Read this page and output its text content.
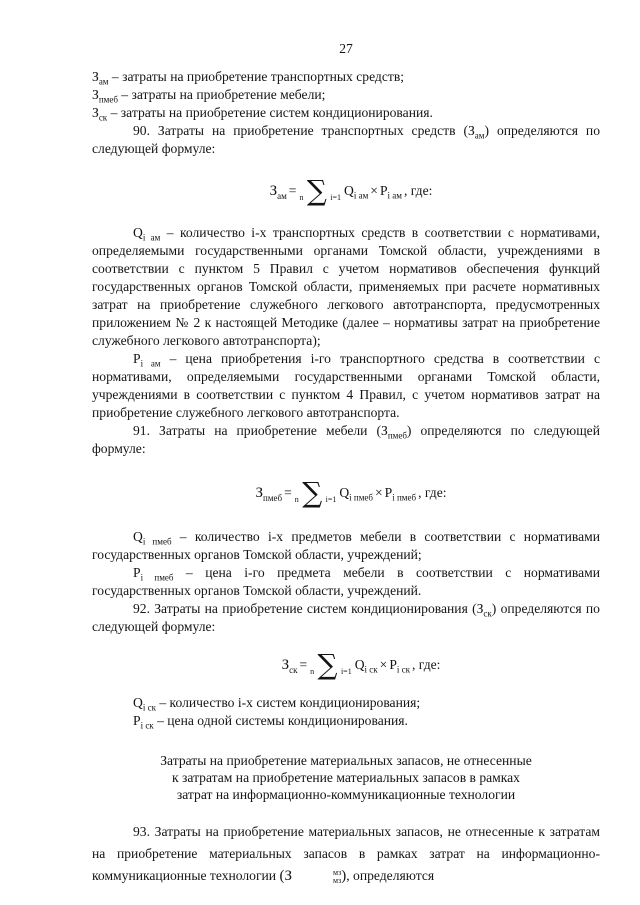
27

$З_{ам}$ – затраты на приобретение транспортных средств;

$З_{пмеб}$ – затраты на приобретение мебели;

$З_{ск}$ – затраты на приобретение систем кондиционирования.

90. Затраты на приобретение транспортных средств $(З_{ам})$ определяются по следующей формуле:

$З_{ам} = n$ ∑ i=1 $Q_{i ам} \times P_{i ам}$ , где:

$Q_{i ам}$ – количество i-х транспортных средств в соответствии с нормативами, определяемыми государственными органами Томской области, учреждениями в соответствии с пунктом 5 Правил с учетом нормативов обеспечения функций государственных органов Томской области, применяемых при расчете нормативных затрат на приобретение служебного легкового автотранспорта, предусмотренных приложением № 2 к настоящей Методике (далее – нормативы затрат на приобретение служебного легкового автотранспорта);

$P_{i ам}$ – цена приобретения i-го транспортного средства в соответствии с нормативами, определяемыми государственными органами Томской области, учреждениями в соответствии с пунктом 4 Правил, с учетом нормативов затрат на приобретение служебного легкового автотранспорта.

91. Затраты на приобретение мебели $(З_{пмеб})$ определяются по следующей формуле:

$З_{пмеб} = n$ ∑ i=1 $Q_{i пмеб} \times P_{i пмеб}$ , где:

$Q_{i пмеб}$ – количество i-х предметов мебели в соответствии с нормативами государственных органов Томской области, учреждений;

$P_{i пмеб}$ – цена i-го предмета мебели в соответствии с нормативами государственных органов Томской области, учреждений.

92. Затраты на приобретение систем кондиционирования $(З_{ск})$ определяются по следующей формуле:

$З_{ск} = n$ ∑ i=1 $Q_{i ск} \times P_{i ск}$ , где:

$Q_{i ск}$ – количество i-х систем кондиционирования;

$P_{i ск}$ – цена одной системы кондиционирования.

Затраты на приобретение материальных запасов, не отнесенные
к затратам на приобретение материальных запасов в рамках
затрат на информационно-коммуникационные технологии

93. Затраты на приобретение материальных запасов, не отнесенные к затратам на приобретение материальных запасов в рамках затрат на информационно-коммуникационные технологии (З	мз
мз ), определяются
